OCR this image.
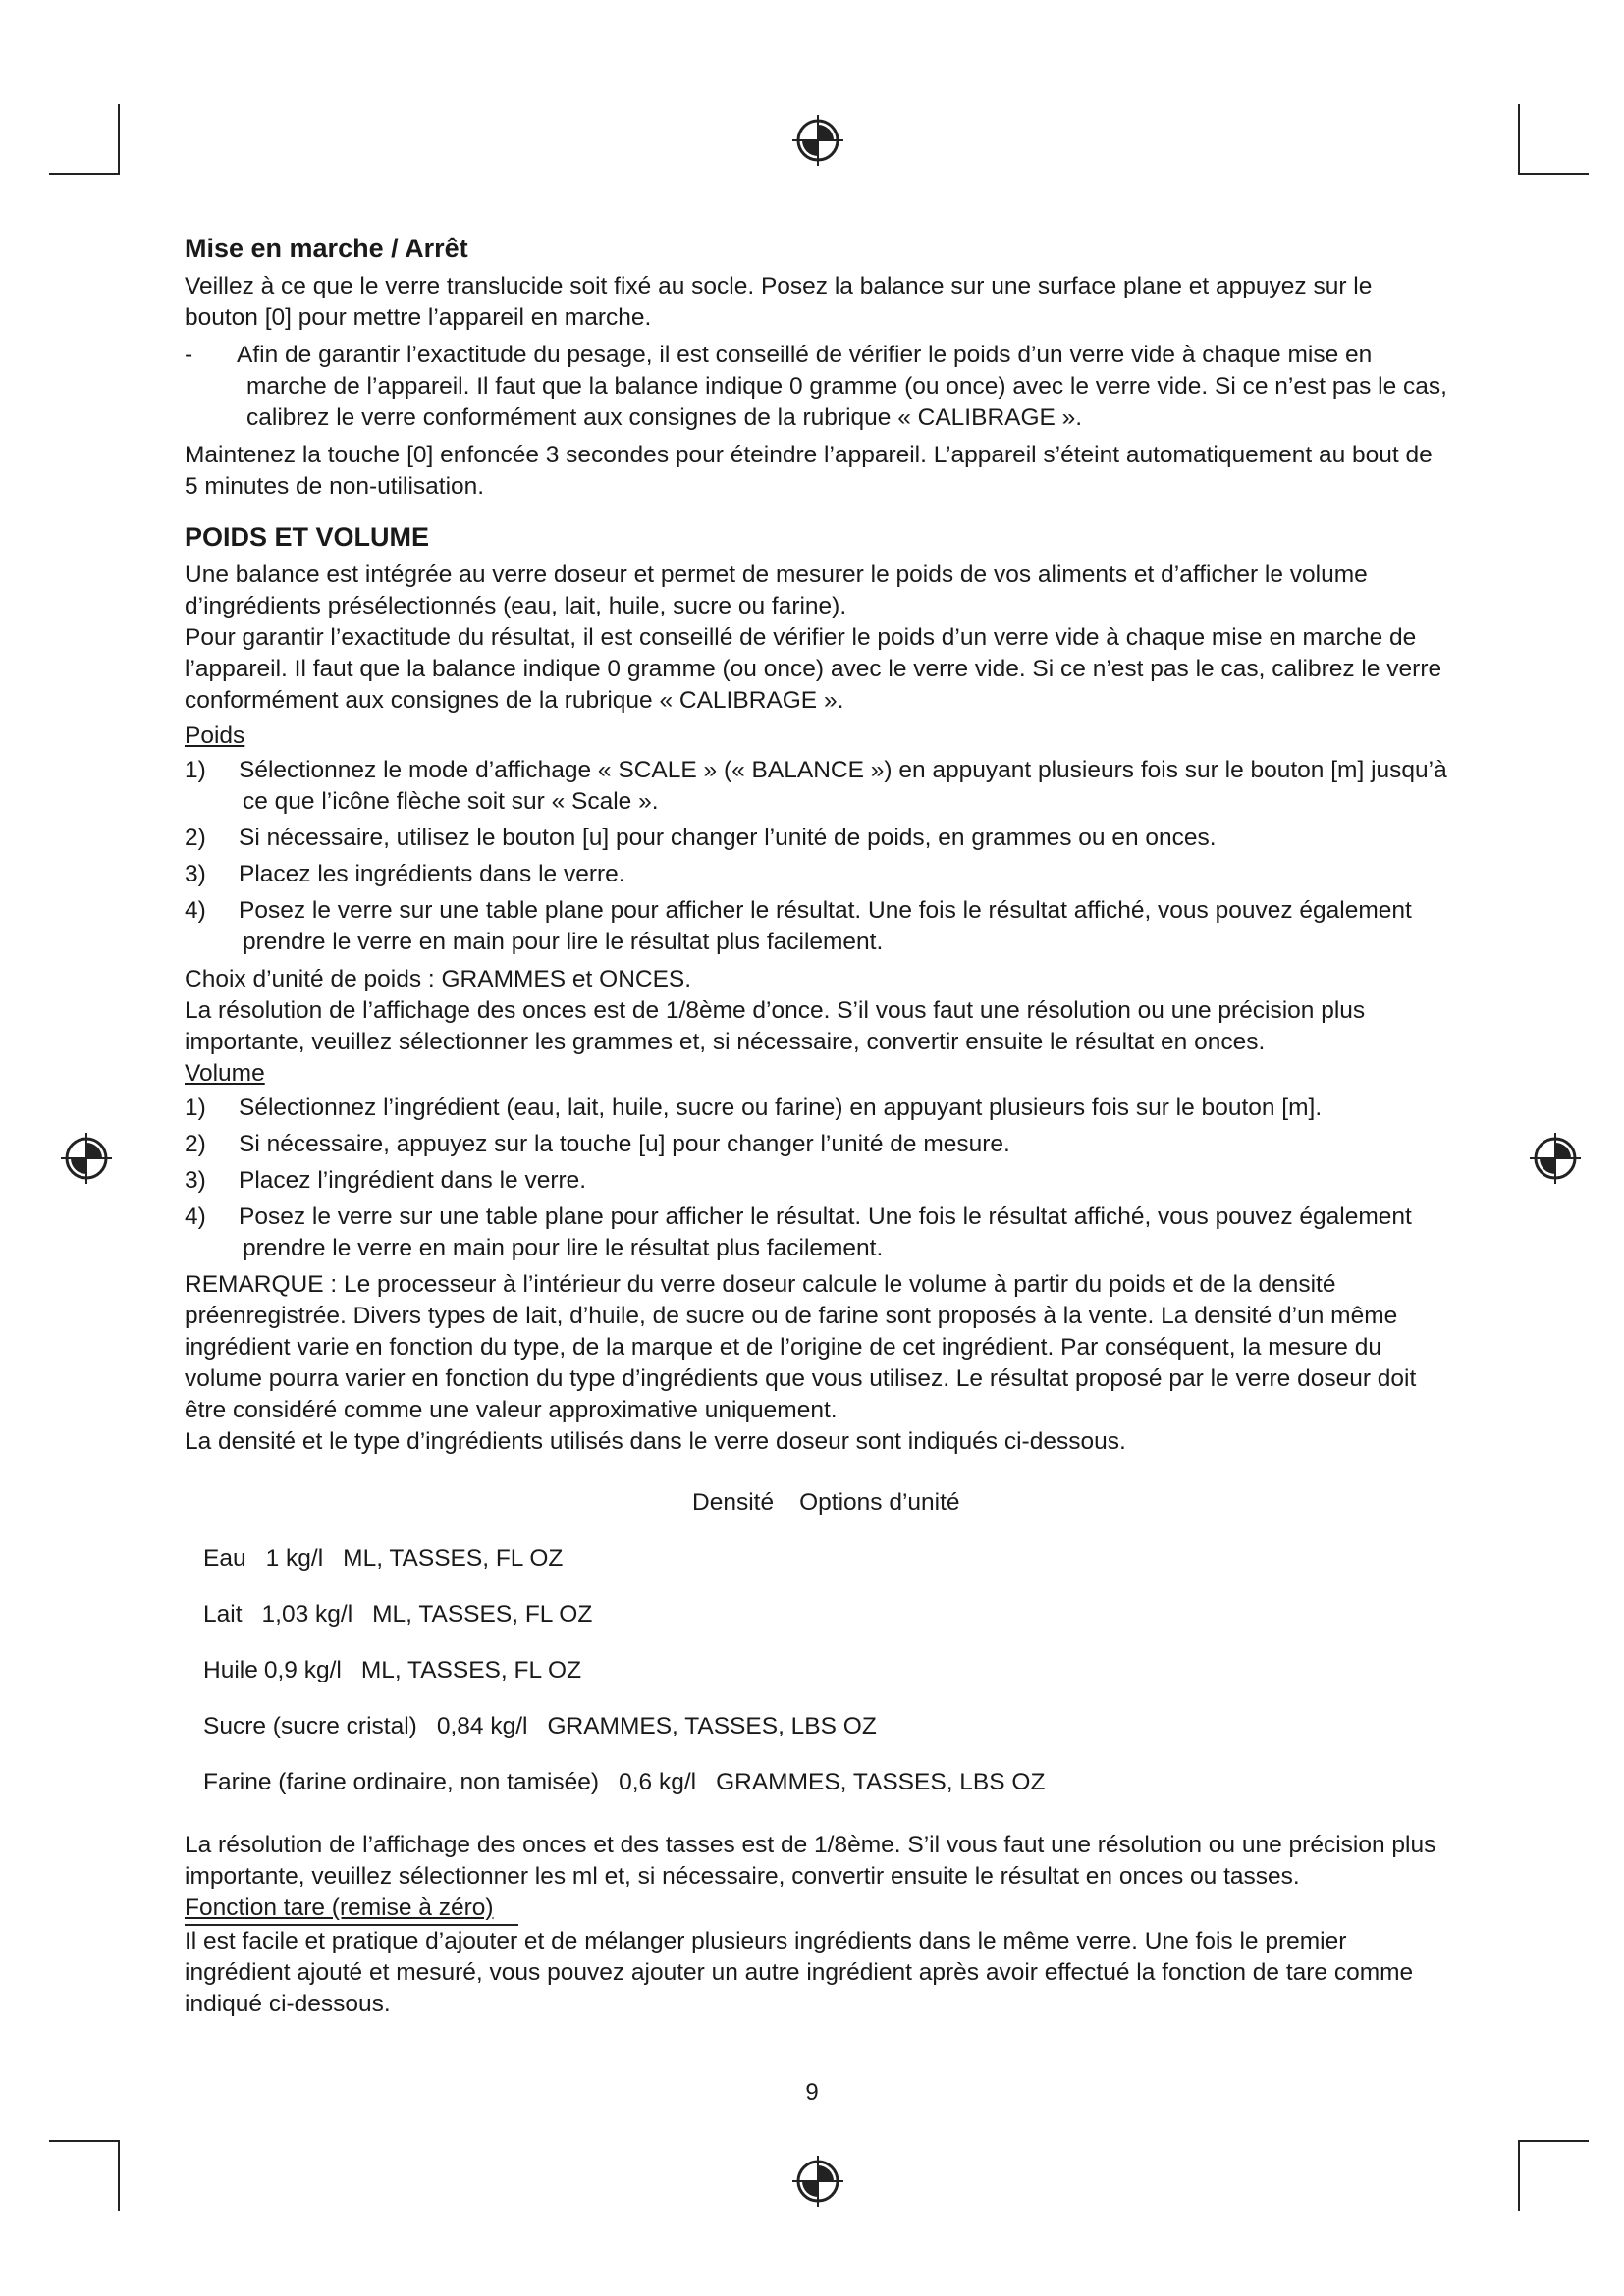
Mise en marche / Arrêt

Veillez à ce que le verre translucide soit fixé au socle. Posez la balance sur une surface plane et appuyez sur le bouton [0] pour mettre l’appareil en marche.

- Afin de garantir l’exactitude du pesage, il est conseillé de vérifier le poids d’un verre vide à chaque mise en marche de l’appareil. Il faut que la balance indique 0 gramme (ou once) avec le verre vide. Si ce n’est pas le cas, calibrez le verre conformément aux consignes de la rubrique « CALIBRAGE ».

Maintenez la touche [0] enfoncée 3 secondes pour éteindre l’appareil. L’appareil s’éteint automatiquement au bout de 5 minutes de non-utilisation.

POIDS ET VOLUME

Une balance est intégrée au verre doseur et permet de mesurer le poids de vos aliments et d’afficher le volume d’ingrédients présélectionnés (eau, lait, huile, sucre ou farine).

Pour garantir l’exactitude du résultat, il est conseillé de vérifier le poids d’un verre vide à chaque mise en marche de l’appareil. Il faut que la balance indique 0 gramme (ou once) avec le verre vide. Si ce n’est pas le cas, calibrez le verre conformément aux consignes de la rubrique « CALIBRAGE ».

Poids

1) Sélectionnez le mode d’affichage « SCALE » (« BALANCE ») en appuyant plusieurs fois sur le bouton [m] jusqu’à ce que l’icône flèche soit sur « Scale ».
2) Si nécessaire, utilisez le bouton [u] pour changer l’unité de poids, en grammes ou en onces.
3) Placez les ingrédients dans le verre.
4) Posez le verre sur une table plane pour afficher le résultat. Une fois le résultat affiché, vous pouvez également prendre le verre en main pour lire le résultat plus facilement.

Choix d’unité de poids : GRAMMES et ONCES.

La résolution de l’affichage des onces est de 1/8ème d’once. S’il vous faut une résolution ou une précision plus importante, veuillez sélectionner les grammes et, si nécessaire, convertir ensuite le résultat en onces.

Volume

1) Sélectionnez l’ingrédient (eau, lait, huile, sucre ou farine) en appuyant plusieurs fois sur le bouton [m].
2) Si nécessaire, appuyez sur la touche [u] pour changer l’unité de mesure.
3) Placez l’ingrédient dans le verre.
4) Posez le verre sur une table plane pour afficher le résultat. Une fois le résultat affiché, vous pouvez également prendre le verre en main pour lire le résultat plus facilement.

REMARQUE : Le processeur à l’intérieur du verre doseur calcule le volume à partir du poids et de la densité préenregistrée. Divers types de lait, d’huile, de sucre ou de farine sont proposés à la vente. La densité d’un même ingrédient varie en fonction du type, de la marque et de l’origine de cet ingrédient. Par conséquent, la mesure du volume pourra varier en fonction du type d’ingrédients que vous utilisez. Le résultat proposé par le verre doseur doit être considéré comme une valeur approximative uniquement.

La densité et le type d’ingrédients utilisés dans le verre doseur sont indiqués ci-dessous.

Densité Options d’unité
Eau 1 kg/l ML, TASSES, FL OZ
Lait 1,03 kg/l ML, TASSES, FL OZ
Huile 0,9 kg/l ML, TASSES, FL OZ
Sucre (sucre cristal) 0,84 kg/l GRAMMES, TASSES, LBS OZ
Farine (farine ordinaire, non tamisée) 0,6 kg/l GRAMMES, TASSES, LBS OZ

La résolution de l’affichage des onces et des tasses est de 1/8ème. S’il vous faut une résolution ou une précision plus importante, veuillez sélectionner les ml et, si nécessaire, convertir ensuite le résultat en onces ou tasses.

Fonction tare (remise à zéro)

Il est facile et pratique d’ajouter et de mélanger plusieurs ingrédients dans le même verre. Une fois le premier ingrédient ajouté et mesuré, vous pouvez ajouter un autre ingrédient après avoir effectué la fonction de tare comme indiqué ci-dessous.

9
